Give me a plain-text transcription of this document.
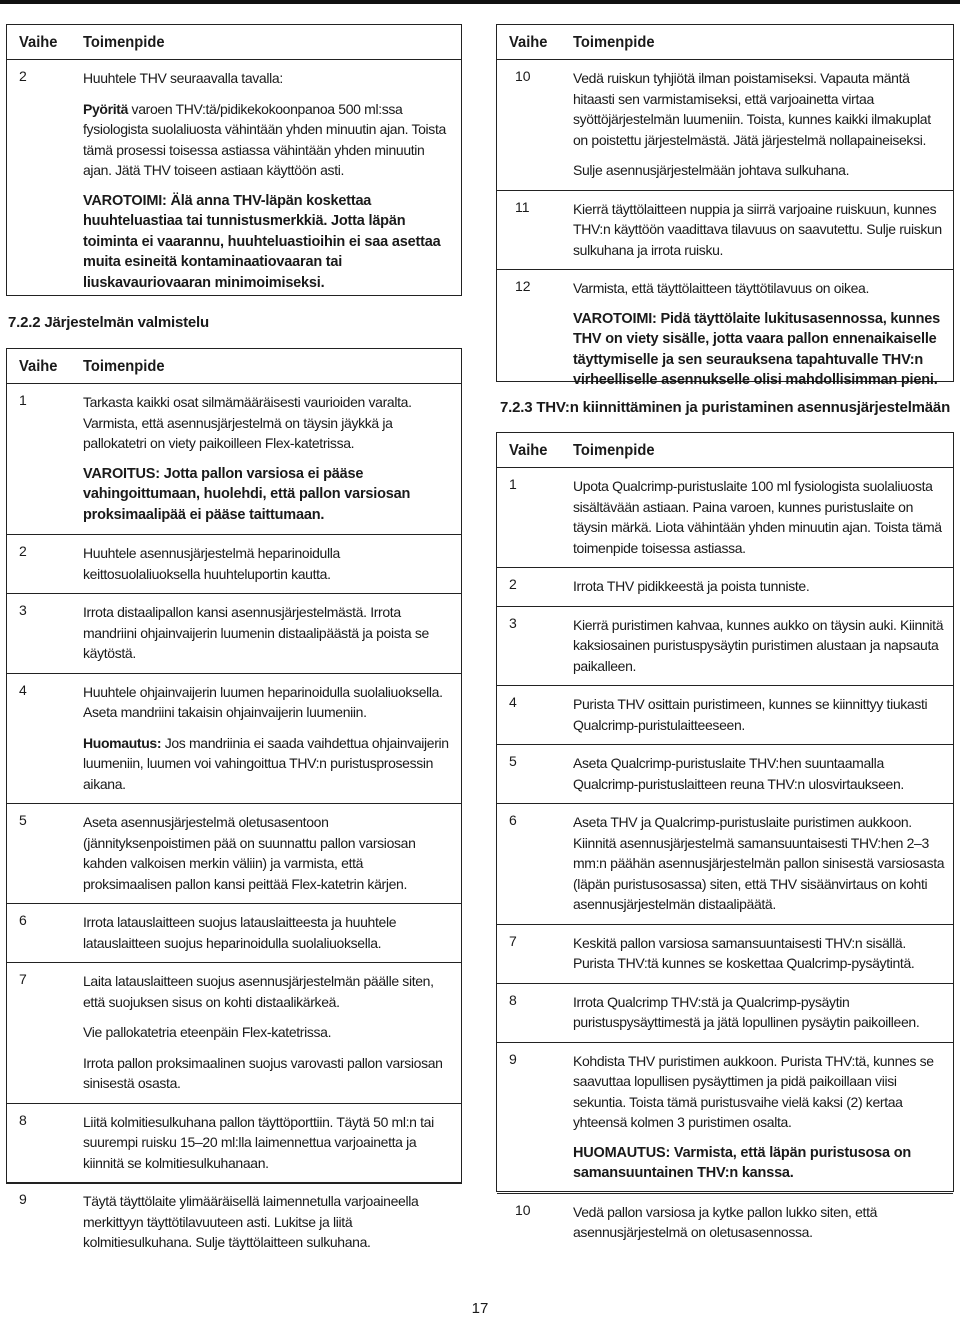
Vaihe Toimenpide
2	Huuhtele THV seuraavalla tavalla:

Pyöritä varoen THV:tä/pidikekokoonpanoa 500 ml:ssa fysiologista suolaliuosta vähintään yhden minuutin ajan. Toista tämä prosessi toisessa astiassa vähintään yhden minuutin ajan. Jätä THV toiseen astiaan käyttöön asti.

VAROTOIMI: Älä anna THV-läpän koskettaa huuhteluastiaa tai tunnistusmerkkiä. Jotta läpän toiminta ei vaarannu, huuhteluastioihin ei saa asettaa muita esineitä kontaminaatiovaaran tai liuskavauriovaaran minimoimiseksi.

7.2.2 Järjestelmän valmistelu
Vaihe Toimenpide
1	Tarkasta kaikki osat silmämääräisesti vaurioiden varalta. Varmista, että asennusjärjestelmä on täysin jäykkä ja pallokatetri on viety paikoilleen Flex-katetrissa.

VAROITUS: Jotta pallon varsiosa ei pääse vahingoittumaan, huolehdi, että pallon varsiosan proksimaalipää ei pääse taittumaan.

2	Huuhtele asennusjärjestelmä heparinoidulla keittosuolaliuoksella huuhteluportin kautta.

3	Irrota distaalipallon kansi asennusjärjestelmästä. Irrota mandriini ohjainvaijerin luumenin distaalipäästä ja poista se käytöstä.

4	Huuhtele ohjainvaijerin luumen heparinoidulla suolaliuoksella. Aseta mandriini takaisin ohjainvaijerin luumeniin.

Huomautus: Jos mandriinia ei saada vaihdettua ohjainvaijerin luumeniin, luumen voi vahingoittua THV:n puristusprosessin aikana.

5	Aseta asennusjärjestelmä oletusasentoon (jännityksenpoistimen pää on suunnattu pallon varsiosan kahden valkoisen merkin väliin) ja varmista, että proksimaalisen pallon kansi peittää Flex-katetrin kärjen.

6	Irrota latauslaitteen suojus latauslaitteesta ja huuhtele latauslaitteen suojus heparinoidulla suolaliuoksella.

7	Laita latauslaitteen suojus asennusjärjestelmän päälle siten, että suojuksen sisus on kohti distaalikärkeä.

Vie pallokatetria eteenpäin Flex-katetrissa.

Irrota pallon proksimaalinen suojus varovasti pallon varsiosan sinisestä osasta.

8	Liitä kolmitiesulkuhana pallon täyttöporttiin. Täytä 50 ml:n tai suurempi ruisku 15–20 ml:lla laimennettua varjoainetta ja kiinnitä se kolmitiesulkuhanaan.

9	Täytä täyttölaite ylimääräisellä laimennetulla varjoaineella merkittyyn täyttötilavuuteen asti. Lukitse ja liitä kolmitiesulkuhana. Sulje täyttölaitteen sulkuhana.

Vaihe Toimenpide
10	Vedä ruiskun tyhjiötä ilman poistamiseksi. Vapauta mäntä hitaasti sen varmistamiseksi, että varjoainetta virtaa syöttöjärjestelmän luumeniin. Toista, kunnes kaikki ilmakuplat on poistettu järjestelmästä. Jätä järjestelmä nollapaineiseksi.

Sulje asennusjärjestelmään johtava sulkuhana.

11	Kierrä täyttölaitteen nuppia ja siirrä varjoaine ruiskuun, kunnes THV:n käyttöön vaadittava tilavuus on saavutettu. Sulje ruiskun sulkuhana ja irrota ruisku.

12	Varmista, että täyttölaitteen täyttötilavuus on oikea.

VAROTOIMI: Pidä täyttölaite lukitusasennossa, kunnes THV on viety sisälle, jotta vaara pallon ennenaikaiselle täyttymiselle ja sen seurauksena tapahtuvalle THV:n virheelliselle asennukselle olisi mahdollisimman pieni.

7.2.3 THV:n kiinnittäminen ja puristaminen asennusjärjestelmään
Vaihe Toimenpide
1	Upota Qualcrimp-puristuslaite 100 ml fysiologista suolaliuosta sisältävään astiaan. Paina varoen, kunnes puristuslaite on täysin märkä. Liota vähintään yhden minuutin ajan. Toista tämä toimenpide toisessa astiassa.

2	Irrota THV pidikkeestä ja poista tunniste.

3	Kierrä puristimen kahvaa, kunnes aukko on täysin auki. Kiinnitä kaksiosainen puristuspysäytin puristimen alustaan ja napsauta paikalleen.

4	Purista THV osittain puristimeen, kunnes se kiinnittyy tiukasti Qualcrimp-puristulaitteeseen.

5	Aseta Qualcrimp-puristuslaite THV:hen suuntaamalla Qualcrimp-puristuslaitteen reuna THV:n ulosvirtaukseen.

6	Aseta THV ja Qualcrimp-puristuslaite puristimen aukkoon. Kiinnitä asennusjärjestelmä samansuuntaisesti THV:hen 2–3 mm:n päähän asennusjärjestelmän pallon sinisestä varsiosasta (läpän puristusosassa) siten, että THV sisäänvirtaus on kohti asennusjärjestelmän distaalipäätä.

7	Keskitä pallon varsiosa samansuuntaisesti THV:n sisällä. Purista THV:tä kunnes se koskettaa Qualcrimp-pysäytintä.

8	Irrota Qualcrimp THV:stä ja Qualcrimp-pysäytin puristuspysäyttimestä ja jätä lopullinen pysäytin paikoilleen.

9	Kohdista THV puristimen aukkoon. Purista THV:tä, kunnes se saavuttaa lopullisen pysäyttimen ja pidä paikoillaan viisi sekuntia. Toista tämä puristusvaihe vielä kaksi (2) kertaa yhteensä kolmen 3 puristimen osalta.

HUOMAUTUS: Varmista, että läpän puristusosa on samansuuntainen THV:n kanssa.

10	Vedä pallon varsiosa ja kytke pallon lukko siten, että asennusjärjestelmä on oletusasennossa.

17
